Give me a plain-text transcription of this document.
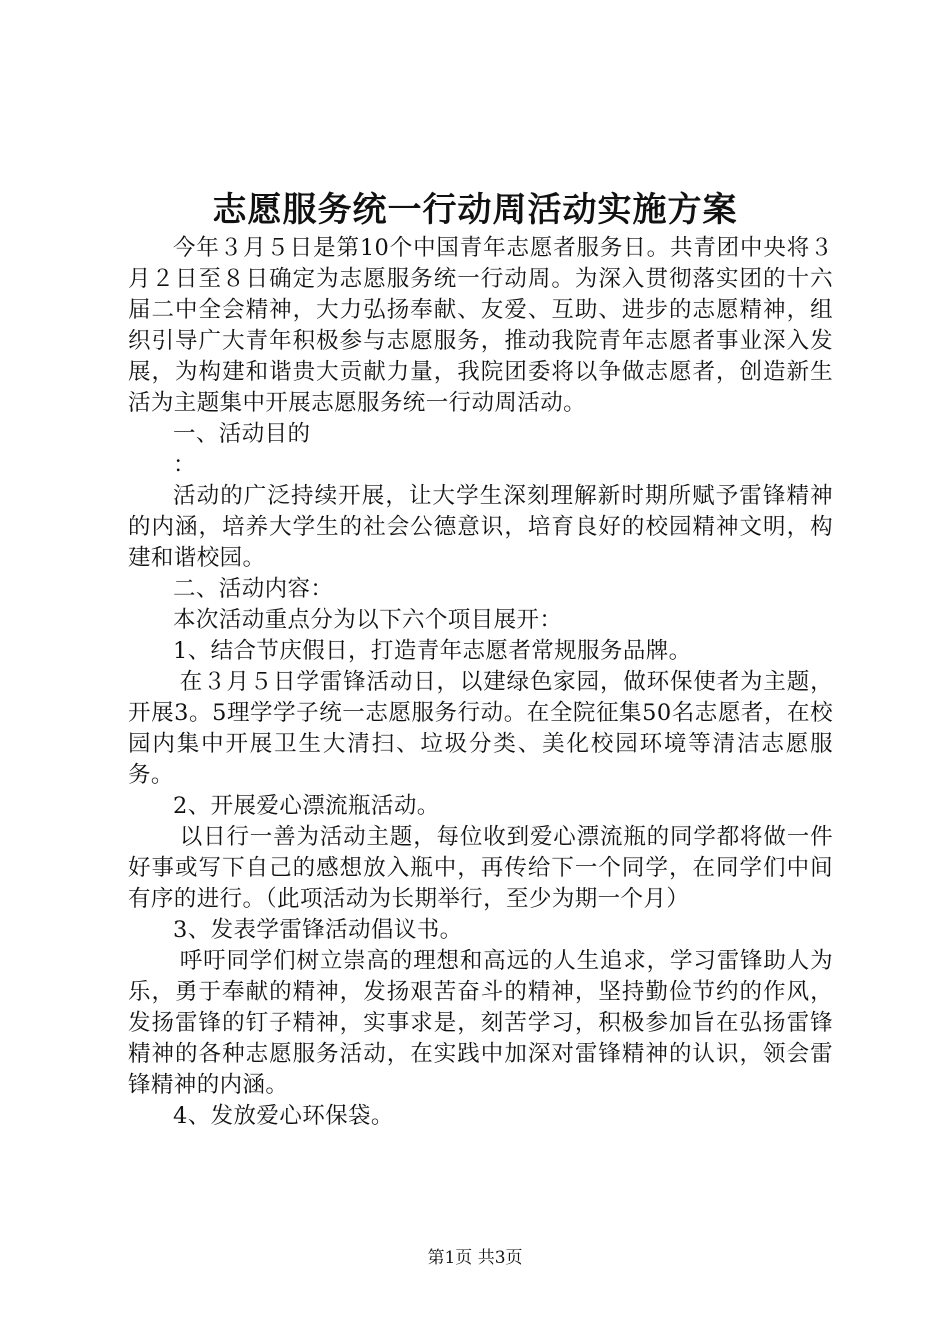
志愿服务统一行动周活动实施方案

今年３月５日是第10个中国青年志愿者服务日。共青团中央将３月２日至８日确定为志愿服务统一行动周。为深入贯彻落实团的十六届二中全会精神，大力弘扬奉献、友爱、互助、进步的志愿精神，组织引导广大青年积极参与志愿服务，推动我院青年志愿者事业深入发展，为构建和谐贵大贡献力量，我院团委将以争做志愿者，创造新生活为主题集中开展志愿服务统一行动周活动。

一、活动目的

：

活动的广泛持续开展，让大学生深刻理解新时期所赋予雷锋精神的内涵，培养大学生的社会公德意识，培育良好的校园精神文明，构建和谐校园。

二、活动内容：

本次活动重点分为以下六个项目展开：

1、结合节庆假日，打造青年志愿者常规服务品牌。

在３月５日学雷锋活动日，以建绿色家园，做环保使者为主题，开展3。5理学学子统一志愿服务行动。在全院征集50名志愿者，在校园内集中开展卫生大清扫、垃圾分类、美化校园环境等清洁志愿服务。

2、开展爱心漂流瓶活动。

以日行一善为活动主题，每位收到爱心漂流瓶的同学都将做一件好事或写下自己的感想放入瓶中，再传给下一个同学，在同学们中间有序的进行。（此项活动为长期举行，至少为期一个月）

3、发表学雷锋活动倡议书。

呼吁同学们树立崇高的理想和高远的人生追求，学习雷锋助人为乐，勇于奉献的精神，发扬艰苦奋斗的精神，坚持勤俭节约的作风，发扬雷锋的钉子精神，实事求是，刻苦学习，积极参加旨在弘扬雷锋精神的各种志愿服务活动，在实践中加深对雷锋精神的认识，领会雷锋精神的内涵。

4、发放爱心环保袋。

第1页 共3页
